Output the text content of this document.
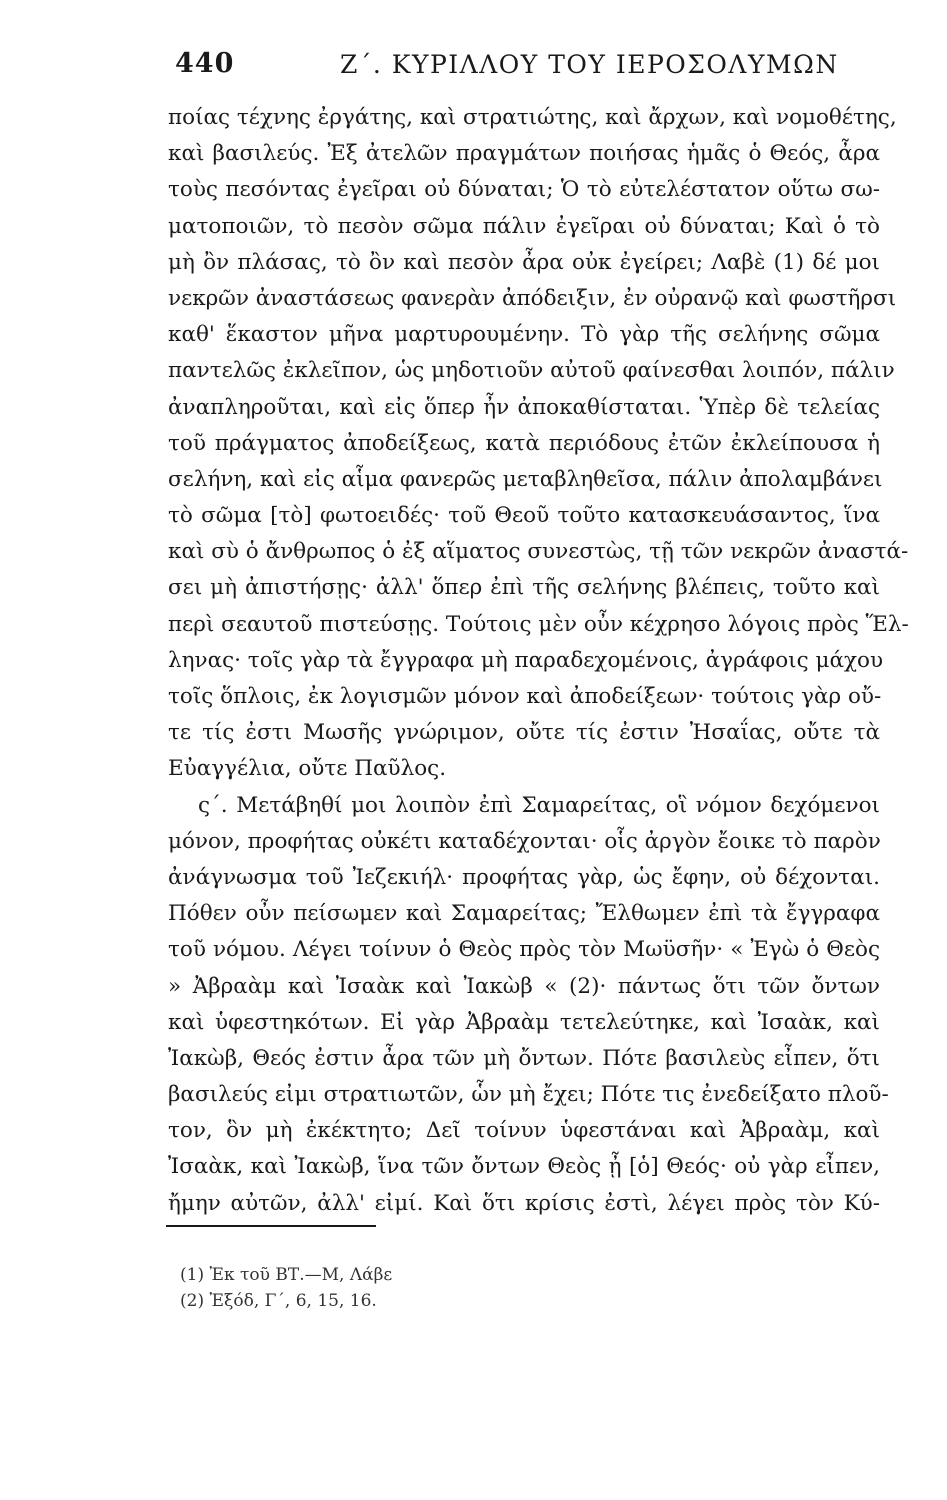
440	Ζ΄. ΚΥΡΙΛΛΟΥ ΤΟΥ ΙΕΡΟΣΟΛΥΜΩΝ
ποίας τέχνης ἐργάτης, καὶ στρατιώτης, καὶ ἄρχων, καὶ νομοθέτης,
καὶ βασιλεύς. Ἐξ ἀτελῶν πραγμάτων ποιήσας ἡμᾶς ὁ Θεός, ἆρα
τοὺς πεσόντας ἐγεῖραι οὐ δύναται; Ὁ τὸ εὐτελέστατον οὕτω σω-
ματοποιῶν, τὸ πεσὸν σῶμα πάλιν ἐγεῖραι οὐ δύναται; Καὶ ὁ τὸ
μὴ ὂν πλάσας, τὸ ὂν καὶ πεσὸν ἆρα οὐκ ἐγείρει; Λαβὲ (1) δέ μοι
νεκρῶν ἀναστάσεως φανερὰν ἀπόδειξιν, ἐν οὐρανῷ καὶ φωστῆρσι
καθ' ἕκαστον μῆνα μαρτυρουμένην. Τὸ γὰρ τῆς σελήνης σῶμα
παντελῶς ἐκλεῖπον, ὡς μηδοτιοῦν αὐτοῦ φαίνεσθαι λοιπόν, πάλιν
ἀναπληροῦται, καὶ εἰς ὅπερ ἦν ἀποκαθίσταται. Ὑπὲρ δὲ τελείας
τοῦ πράγματος ἀποδείξεως, κατὰ περιόδους ἐτῶν ἐκλείπουσα ἡ
σελήνη, καὶ εἰς αἷμα φανερῶς μεταβληθεῖσα, πάλιν ἀπολαμβάνει
τὸ σῶμα [τὸ] φωτοειδές· τοῦ Θεοῦ τοῦτο κατασκευάσαντος, ἵνα
καὶ σὺ ὁ ἄνθρωπος ὁ ἐξ αἵματος συνεστὼς, τῇ τῶν νεκρῶν ἀναστά-
σει μὴ ἀπιστήσῃς· ἀλλ' ὅπερ ἐπὶ τῆς σελήνης βλέπεις, τοῦτο καὶ
περὶ σεαυτοῦ πιστεύσῃς. Τούτοις μὲν οὖν κέχρησο λόγοις πρὸς Ἕλ-
ληνας· τοῖς γὰρ τὰ ἔγγραφα μὴ παραδεχομένοις, ἀγράφοις μάχου
τοῖς ὅπλοις, ἐκ λογισμῶν μόνον καὶ ἀποδείξεων· τούτοις γὰρ οὔ-
τε τίς ἐστι Μωσῆς γνώριμον, οὔτε τίς ἐστιν Ἠσαΐας, οὔτε τὰ
Εὐαγγέλια, οὔτε Παῦλος.
ς΄. Μετάβηθί μοι λοιπὸν ἐπὶ Σαμαρείτας, οἳ νόμον δεχόμενοι
μόνον, προφήτας οὐκέτι καταδέχονται· οἷς ἀργὸν ἔοικε τὸ παρὸν
ἀνάγνωσμα τοῦ Ἰεζεκιήλ· προφήτας γὰρ, ὡς ἔφην, οὐ δέχονται.
Πόθεν οὖν πείσωμεν καὶ Σαμαρείτας; Ἔλθωμεν ἐπὶ τὰ ἔγγραφα
τοῦ νόμου. Λέγει τοίνυν ὁ Θεὸς πρὸς τὸν Μωϋσῆν· « Ἐγὼ ὁ Θεὸς
» Ἀβραὰμ καὶ Ἰσαὰκ καὶ Ἰακὼβ « (2)· πάντως ὅτι τῶν ὄντων
καὶ ὑφεστηκότων. Εἰ γὰρ Ἀβραὰμ τετελεύτηκε, καὶ Ἰσαὰκ, καὶ
Ἰακὼβ, Θεός ἐστιν ἆρα τῶν μὴ ὄντων. Πότε βασιλεὺς εἶπεν, ὅτι
βασιλεύς εἰμι στρατιωτῶν, ὧν μὴ ἔχει; Πότε τις ἐνεδείξατο πλοῦ-
τον, ὃν μὴ ἐκέκτητο; Δεῖ τοίνυν ὑφεστάναι καὶ Ἀβραὰμ, καὶ
Ἰσαὰκ, καὶ Ἰακὼβ, ἵνα τῶν ὄντων Θεὸς ᾖ [ὁ] Θεός· οὐ γὰρ εἶπεν,
ἤμην αὐτῶν, ἀλλ' εἰμί. Καὶ ὅτι κρίσις ἐστὶ, λέγει πρὸς τὸν Κύ-
(1) Ἐκ τοῦ ΒΤ.—Μ, Λάβε
(2) Ἐξόδ, Γ΄, 6, 15, 16.
